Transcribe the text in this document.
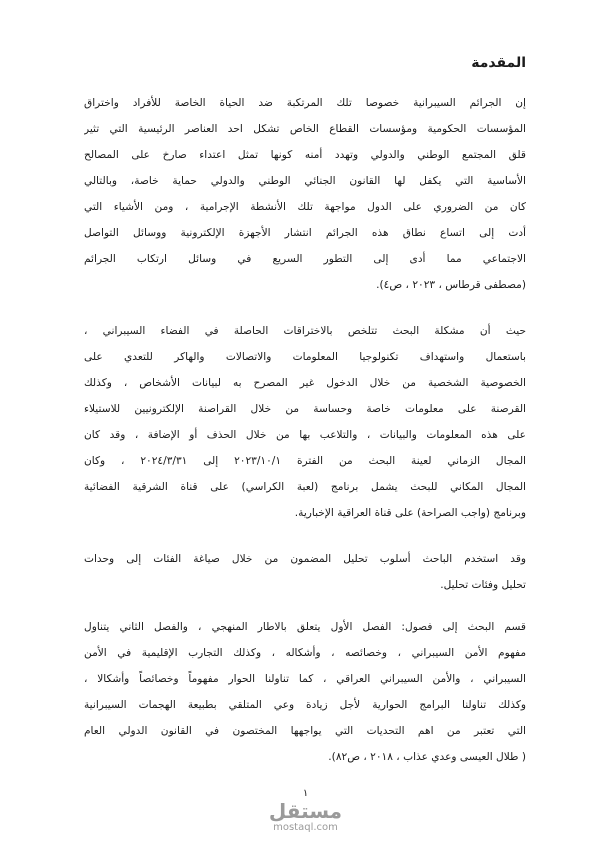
المقدمة
إن الجرائم السيبرانية خصوصا تلك المرتكبة ضد الحياة الخاصة للأفراد واختراق
المؤسسات الحكومية ومؤسسات القطاع الخاص تشكل احد العناصر الرئيسية التي تثير
قلق المجتمع الوطني والدولي وتهدد أمنه كونها تمثل اعتداء صارخ على المصالح
الأساسية التي يكفل لها القانون الجنائي الوطني والدولي حماية خاصة، وبالتالي
كان من الضروري على الدول مواجهة تلك الأنشطة الإجرامية ، ومن الأشياء التي
أدت إلى اتساع نطاق هذه الجرائم انتشار الأجهزة الإلكترونية ووسائل التواصل
الاجتماعي مما أدى إلى التطور السريع في وسائل ارتكاب الجرائم
(مصطفى قرطاس ، ٢٠٢٣ ، ص٤).
حيث أن مشكلة البحث تتلخص بالاختراقات الحاصلة في الفضاء السيبراني ،
باستعمال واستهداف تكنولوجيا المعلومات والاتصالات والهاكر للتعدي على
الخصوصية الشخصية من خلال الدخول غير المصرح به لبيانات الأشخاص ، وكذلك
القرصنة على معلومات خاصة وحساسة من خلال القراصنة الإلكترونيين للاستيلاء
على هذه المعلومات والبيانات ، والتلاعب بها من خلال الحذف أو الإضافة ، وقد كان
المجال الزماني لعينة البحث من الفترة ٢٠٢٣/١٠/١ إلى ٢٠٢٤/٣/٣١ ، وكان
المجال المكاني للبحث يشمل برنامج (لعبة الكراسي) على قناة الشرقية الفضائية
وبرنامج (واجب الصراحة) على قناة العراقية الإخبارية.
وقد استخدم الباحث أسلوب تحليل المضمون من خلال صياغة الفئات إلى وحدات
تحليل وفئات تحليل.
قسم البحث إلى فصول: الفصل الأول يتعلق بالاطار المنهجي ، والفصل الثاني يتناول
مفهوم الأمن السيبراني ، وخصائصه ، وأشكاله ، وكذلك التجارب الإقليمية في الأمن
السيبراني ، والأمن السيبراني العراقي ، كما تناولنا الحوار مفهوماً وخصائصاً وأشكالا ،
وكذلك تناولنا البرامج الحوارية لأجل زيادة وعي المتلقي بطبيعة الهجمات السيبرانية
التي تعتبر من اهم التحديات التي يواجهها المختصون في القانون الدولي العام
( طلال العيسى وعدي عذاب ، ٢٠١٨ ، ص٨٢).
١
مستقل
mostaql.com
